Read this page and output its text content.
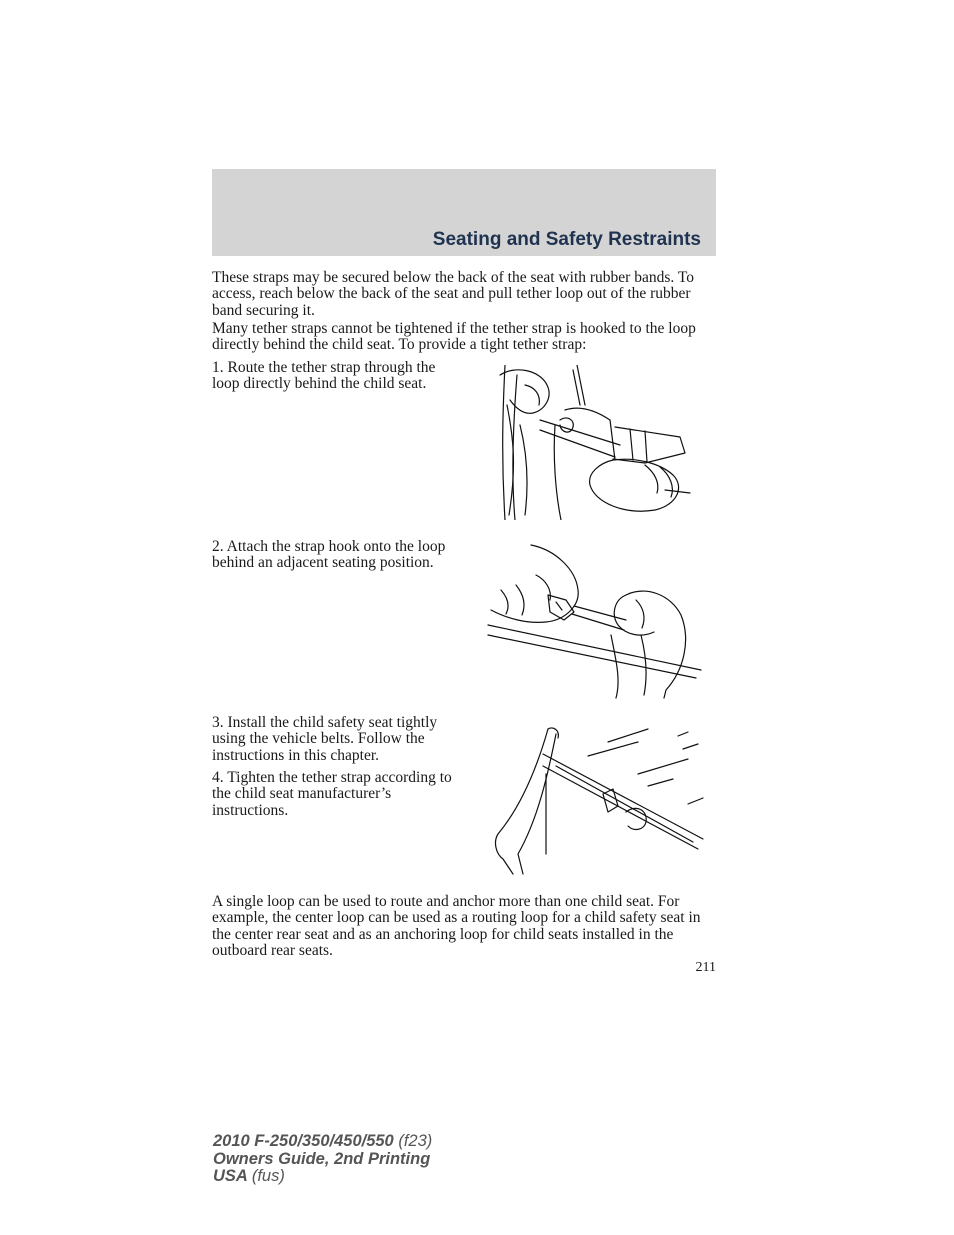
Seating and Safety Restraints

These straps may be secured below the back of the seat with rubber bands. To access, reach below the back of the seat and pull tether loop out of the rubber band securing it.

Many tether straps cannot be tightened if the tether strap is hooked to the loop directly behind the child seat. To provide a tight tether strap:

1. Route the tether strap through the loop directly behind the child seat.

2. Attach the strap hook onto the loop behind an adjacent seating position.

3. Install the child safety seat tightly using the vehicle belts. Follow the instructions in this chapter.

4. Tighten the tether strap according to the child seat manufacturer’s instructions.

A single loop can be used to route and anchor more than one child seat. For example, the center loop can be used as a routing loop for a child safety seat in the center rear seat and as an anchoring loop for child seats installed in the outboard rear seats.

211
2010 F-250/350/450/550 (f23)
Owners Guide, 2nd Printing
USA (fus)
